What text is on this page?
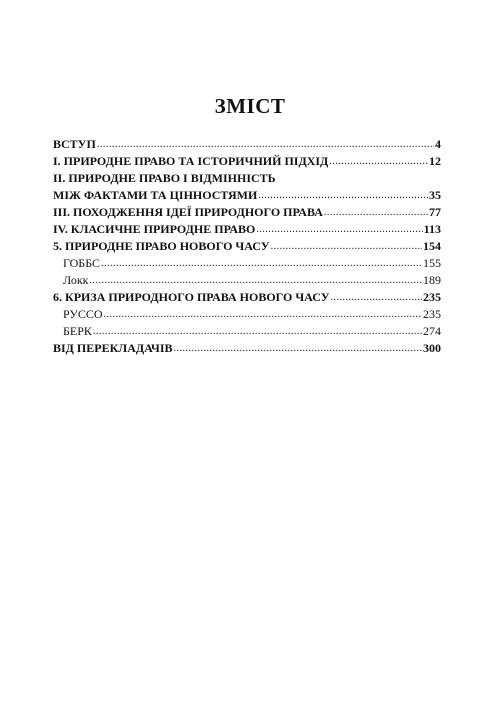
ЗМІСТ
ВСТУП .....	4
I. ПРИРОДНЕ ПРАВО ТА ІСТОРИЧНИЙ ПІДХІД .....	12
II. ПРИРОДНЕ ПРАВО І ВІДМІННІСТЬ
МІЖ ФАКТАМИ ТА ЦІННОСТЯМИ .....	35
III. ПОХОДЖЕННЯ ІДЕЇ ПРИРОДНОГО ПРАВА .....	77
IV. КЛАСИЧНЕ ПРИРОДНЕ ПРАВО .....	113
5. ПРИРОДНЕ ПРАВО НОВОГО ЧАСУ .....	154
ГОББС .....	155
Локк .....	189
6. КРИЗА ПРИРОДНОГО ПРАВА НОВОГО ЧАСУ .....	235
РУССО .....	235
БЕРК .....	274
ВІД ПЕРЕКЛАДАЧІВ .....	300
